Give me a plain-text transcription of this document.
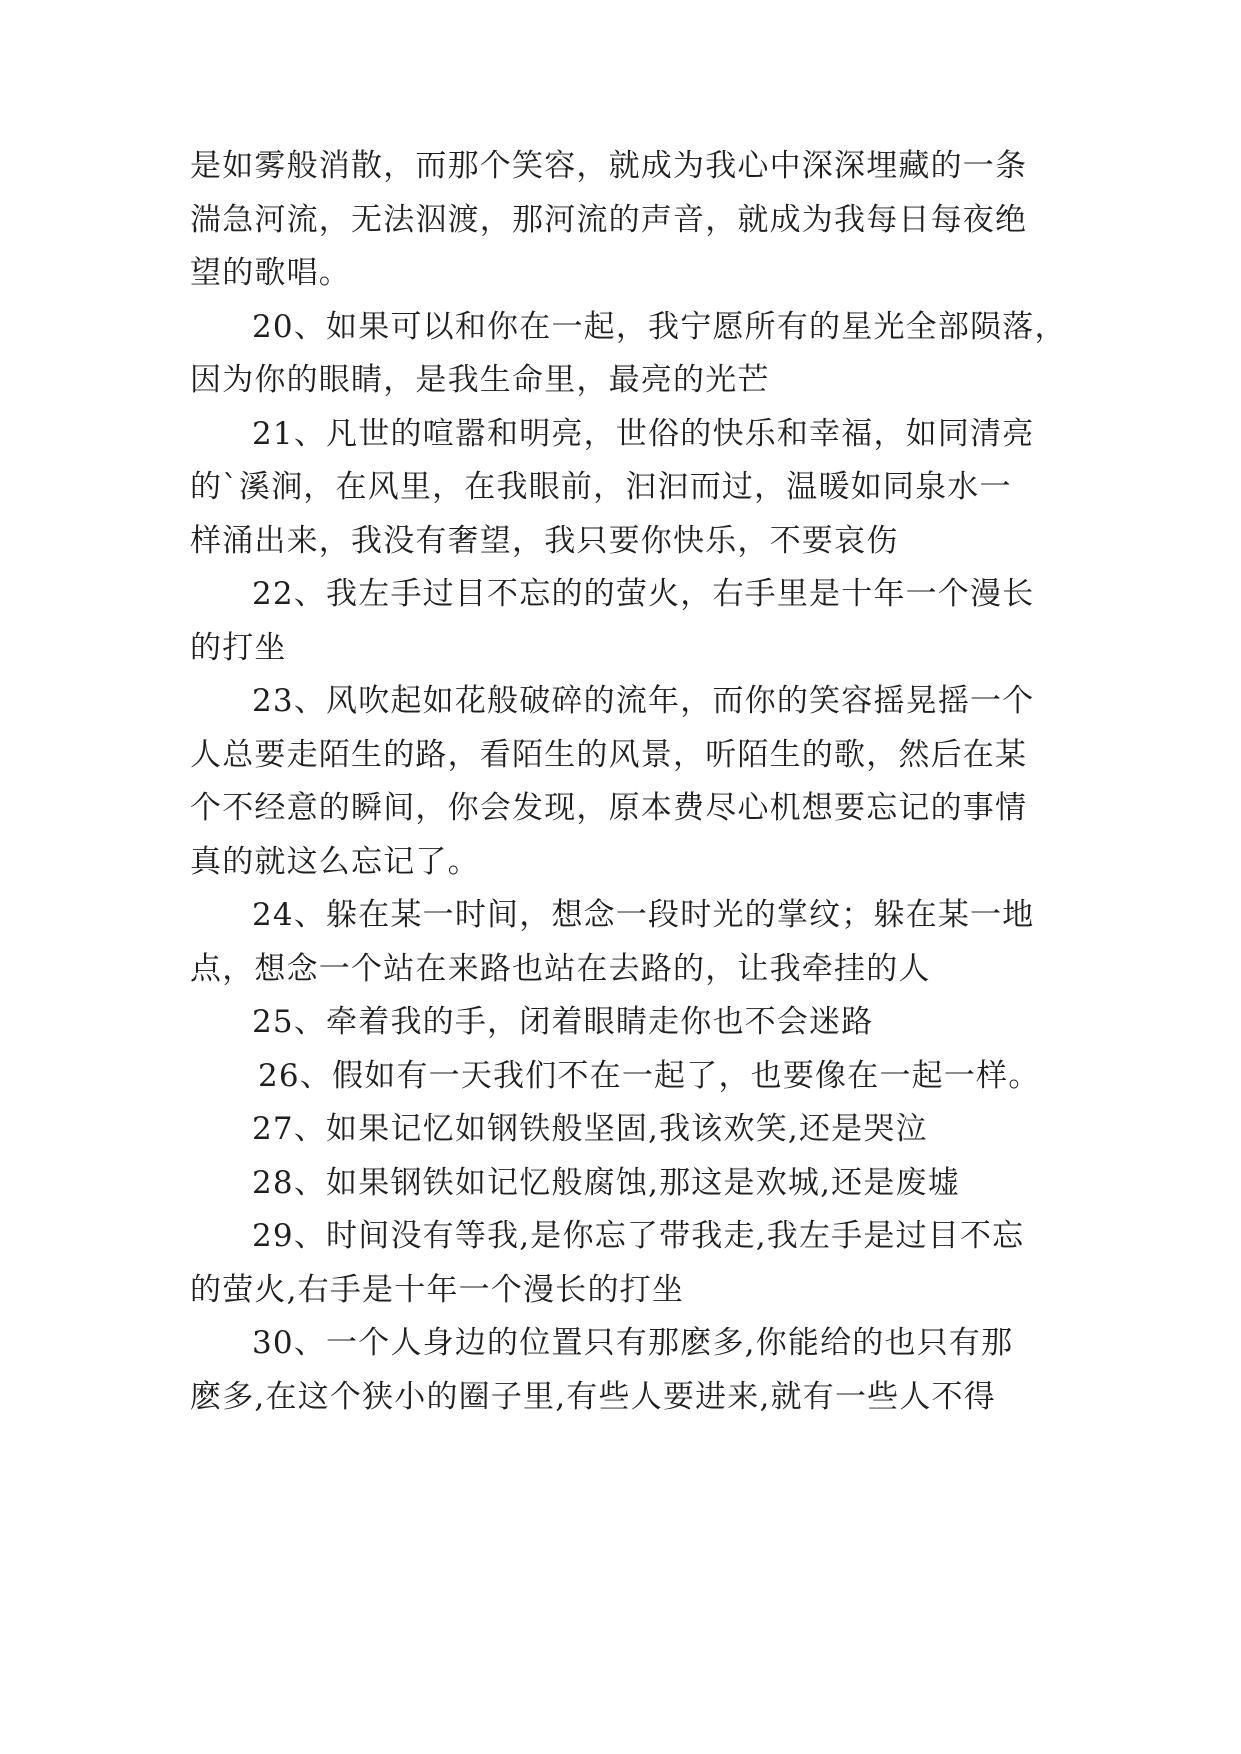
是如雾般消散，而那个笑容，就成为我心中深深埋藏的一条

湍急河流，无法泅渡，那河流的声音，就成为我每日每夜绝

望的歌唱。

20、如果可以和你在一起，我宁愿所有的星光全部陨落，

因为你的眼睛，是我生命里，最亮的光芒

21、凡世的喧嚣和明亮，世俗的快乐和幸福，如同清亮

的`溪涧，在风里，在我眼前，汩汩而过，温暖如同泉水一

样涌出来，我没有奢望，我只要你快乐，不要哀伤

22、我左手过目不忘的的萤火，右手里是十年一个漫长

的打坐

23、风吹起如花般破碎的流年，而你的笑容摇晃摇一个

人总要走陌生的路，看陌生的风景，听陌生的歌，然后在某

个不经意的瞬间，你会发现，原本费尽心机想要忘记的事情

真的就这么忘记了。

24、躲在某一时间，想念一段时光的掌纹；躲在某一地

点，想念一个站在来路也站在去路的，让我牵挂的人

25、牵着我的手，闭着眼睛走你也不会迷路

26、假如有一天我们不在一起了，也要像在一起一样。

27、如果记忆如钢铁般坚固,我该欢笑,还是哭泣

28、如果钢铁如记忆般腐蚀,那这是欢城,还是废墟

29、时间没有等我,是你忘了带我走,我左手是过目不忘

的萤火,右手是十年一个漫长的打坐

30、一个人身边的位置只有那麽多,你能给的也只有那

麽多,在这个狭小的圈子里,有些人要进来,就有一些人不得
